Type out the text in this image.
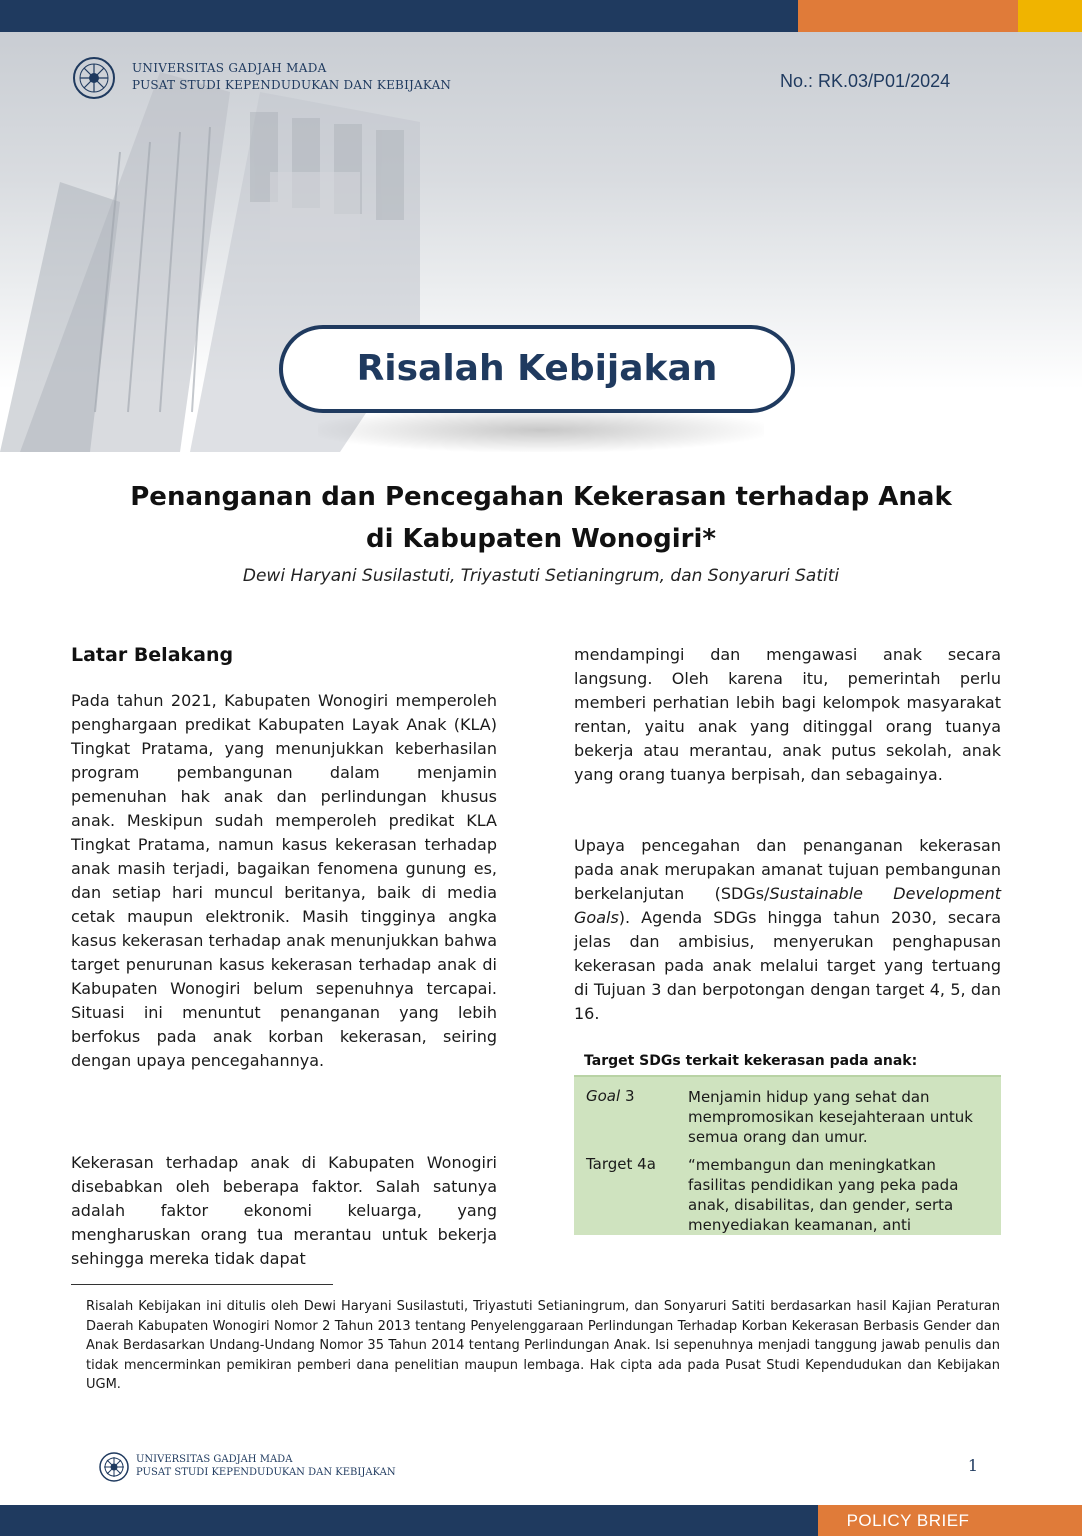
UNIVERSITAS GADJAH MADA
PUSAT STUDI KEPENDUDUKAN DAN KEBIJAKAN	No.: RK.03/P01/2024
Risalah Kebijakan
Penanganan dan Pencegahan Kekerasan terhadap Anak
di Kabupaten Wonogiri*
Dewi Haryani Susilastuti, Triyastuti Setianingrum, dan Sonyaruri Satiti
Latar Belakang

Pada tahun 2021, Kabupaten Wonogiri memperoleh penghargaan predikat Kabupaten Layak Anak (KLA) Tingkat Pratama, yang menunjukkan keberhasilan program pembangunan dalam menjamin pemenuhan hak anak dan perlindungan khusus anak. Meskipun sudah memperoleh predikat KLA Tingkat Pratama, namun kasus kekerasan terhadap anak masih terjadi, bagaikan fenomena gunung es, dan setiap hari muncul beritanya, baik di media cetak maupun elektronik. Masih tingginya angka kasus kekerasan terhadap anak menunjukkan bahwa target penurunan kasus kekerasan terhadap anak di Kabupaten Wonogiri belum sepenuhnya tercapai. Situasi ini menuntut penanganan yang lebih berfokus pada anak korban kekerasan, seiring dengan upaya pencegahannya.

Kekerasan terhadap anak di Kabupaten Wonogiri disebabkan oleh beberapa faktor. Salah satunya adalah faktor ekonomi keluarga, yang mengharuskan orang tua merantau untuk bekerja sehingga mereka tidak dapat

mendampingi dan mengawasi anak secara langsung. Oleh karena itu, pemerintah perlu memberi perhatian lebih bagi kelompok masyarakat rentan, yaitu anak yang ditinggal orang tuanya bekerja atau merantau, anak putus sekolah, anak yang orang tuanya berpisah, dan sebagainya.

Upaya pencegahan dan penanganan kekerasan pada anak merupakan amanat tujuan pembangunan berkelanjutan (SDGs/Sustainable Development Goals). Agenda SDGs hingga tahun 2030, secara jelas dan ambisius, menyerukan penghapusan kekerasan pada anak melalui target yang tertuang di Tujuan 3 dan berpotongan dengan target 4, 5, dan 16.

Target SDGs terkait kekerasan pada anak:
Goal 3	Menjamin hidup yang sehat dan mempromosikan kesejahteraan untuk semua orang dan umur.
Target 4a “membangun dan meningkatkan fasilitas pendidikan yang peka pada anak, disabilitas, dan gender, serta menyediakan keamanan, anti

Risalah Kebijakan ini ditulis oleh Dewi Haryani Susilastuti, Triyastuti Setianingrum, dan Sonyaruri Satiti berdasarkan hasil Kajian Peraturan Daerah Kabupaten Wonogiri Nomor 2 Tahun 2013 tentang Penyelenggaraan Perlindungan Terhadap Korban Kekerasan Berbasis Gender dan Anak Berdasarkan Undang-Undang Nomor 35 Tahun 2014 tentang Perlindungan Anak. Isi sepenuhnya menjadi tanggung jawab penulis dan tidak mencerminkan pemikiran pemberi dana penelitian maupun lembaga. Hak cipta ada pada Pusat Studi Kependudukan dan Kebijakan UGM.

UNIVERSITAS GADJAH MADA
PUSAT STUDI KEPENDUDUKAN DAN KEBIJAKAN	1
POLICY BRIEF
